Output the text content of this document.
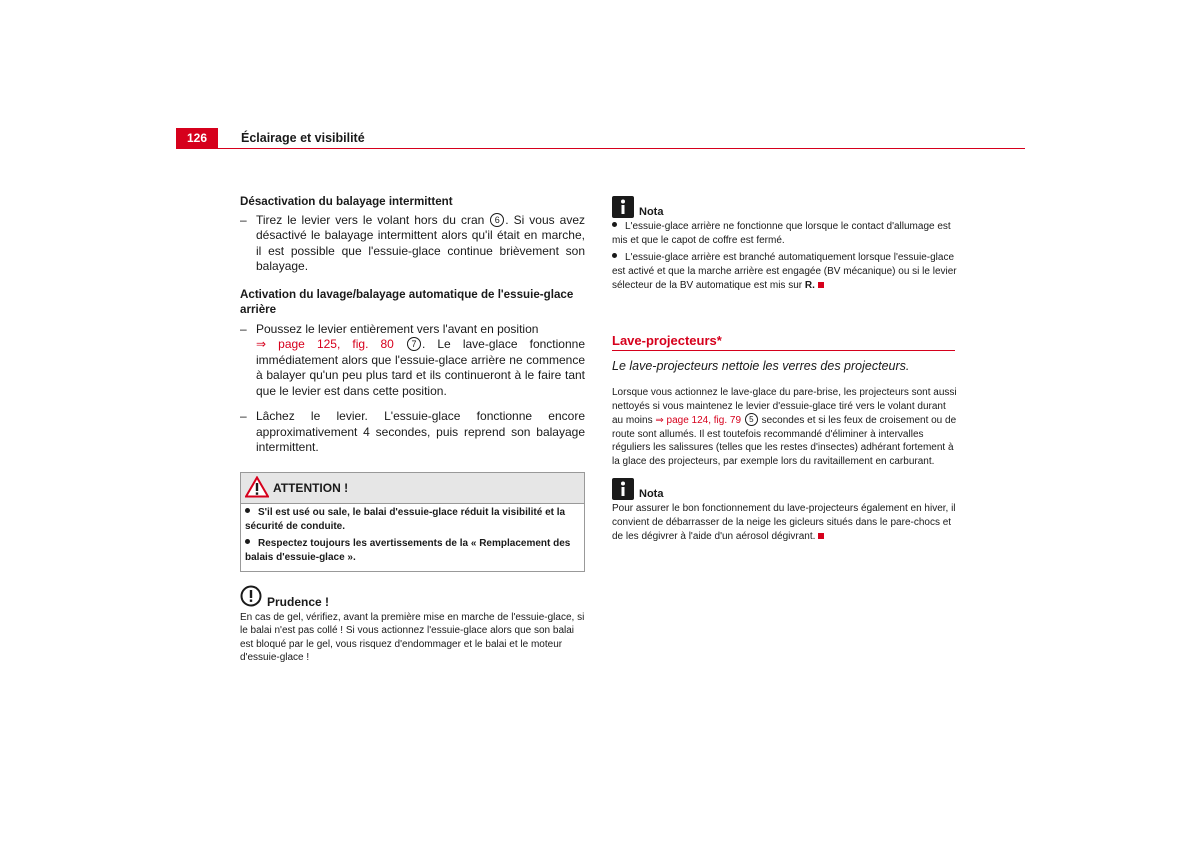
126	Éclairage et visibilité

Désactivation du balayage intermittent

– Tirez le levier vers le volant hors du cran 6 . Si vous avez désactivé le balayage intermittent alors qu'il était en marche, il est possible que l'essuie-glace continue brièvement son balayage.

Activation du lavage/balayage automatique de l'essuie-glace arrière

– Poussez le levier entièrement vers l'avant en position
⇒ page 125, fig. 80 7 . Le lave-glace fonctionne immédiatement alors que l'essuie-glace arrière ne commence à balayer qu'un peu plus tard et ils continueront à le faire tant que le levier est dans cette position.

– Lâchez le levier. L'essuie-glace fonctionne encore approximativement 4 secondes, puis reprend son balayage intermittent.

ATTENTION !

S'il est usé ou sale, le balai d'essuie-glace réduit la visibilité et la sécurité de conduite.

Respectez toujours les avertissements de la « Remplacement des balais d'essuie-glace ».

Prudence !

En cas de gel, vérifiez, avant la première mise en marche de l'essuie-glace, si le balai n'est pas collé ! Si vous actionnez l'essuie-glace alors que son balai est bloqué par le gel, vous risquez d'endommager et le balai et le moteur d'essuie-glace !

Nota

L'essuie-glace arrière ne fonctionne que lorsque le contact d'allumage est mis et que le capot de coffre est fermé.

L'essuie-glace arrière est branché automatiquement lorsque l'essuie-glace est activé et que la marche arrière est engagée (BV mécanique) ou si le levier sélecteur de la BV automatique est mis sur R.

Lave-projecteurs*

Le lave-projecteurs nettoie les verres des projecteurs.

Lorsque vous actionnez le lave-glace du pare-brise, les projecteurs sont aussi nettoyés si vous maintenez le levier d'essuie-glace tiré vers le volant durant au moins ⇒ page 124, fig. 79 5 secondes et si les feux de croisement ou de route sont allumés. Il est toutefois recommandé d'éliminer à intervalles réguliers les salissures (telles que les restes d'insectes) adhérant fortement à la glace des projecteurs, par exemple lors du ravitaillement en carburant.

Nota

Pour assurer le bon fonctionnement du lave-projecteurs également en hiver, il convient de débarrasser de la neige les gicleurs situés dans le pare-chocs et de les dégivrer à l'aide d'un aérosol dégivrant.
